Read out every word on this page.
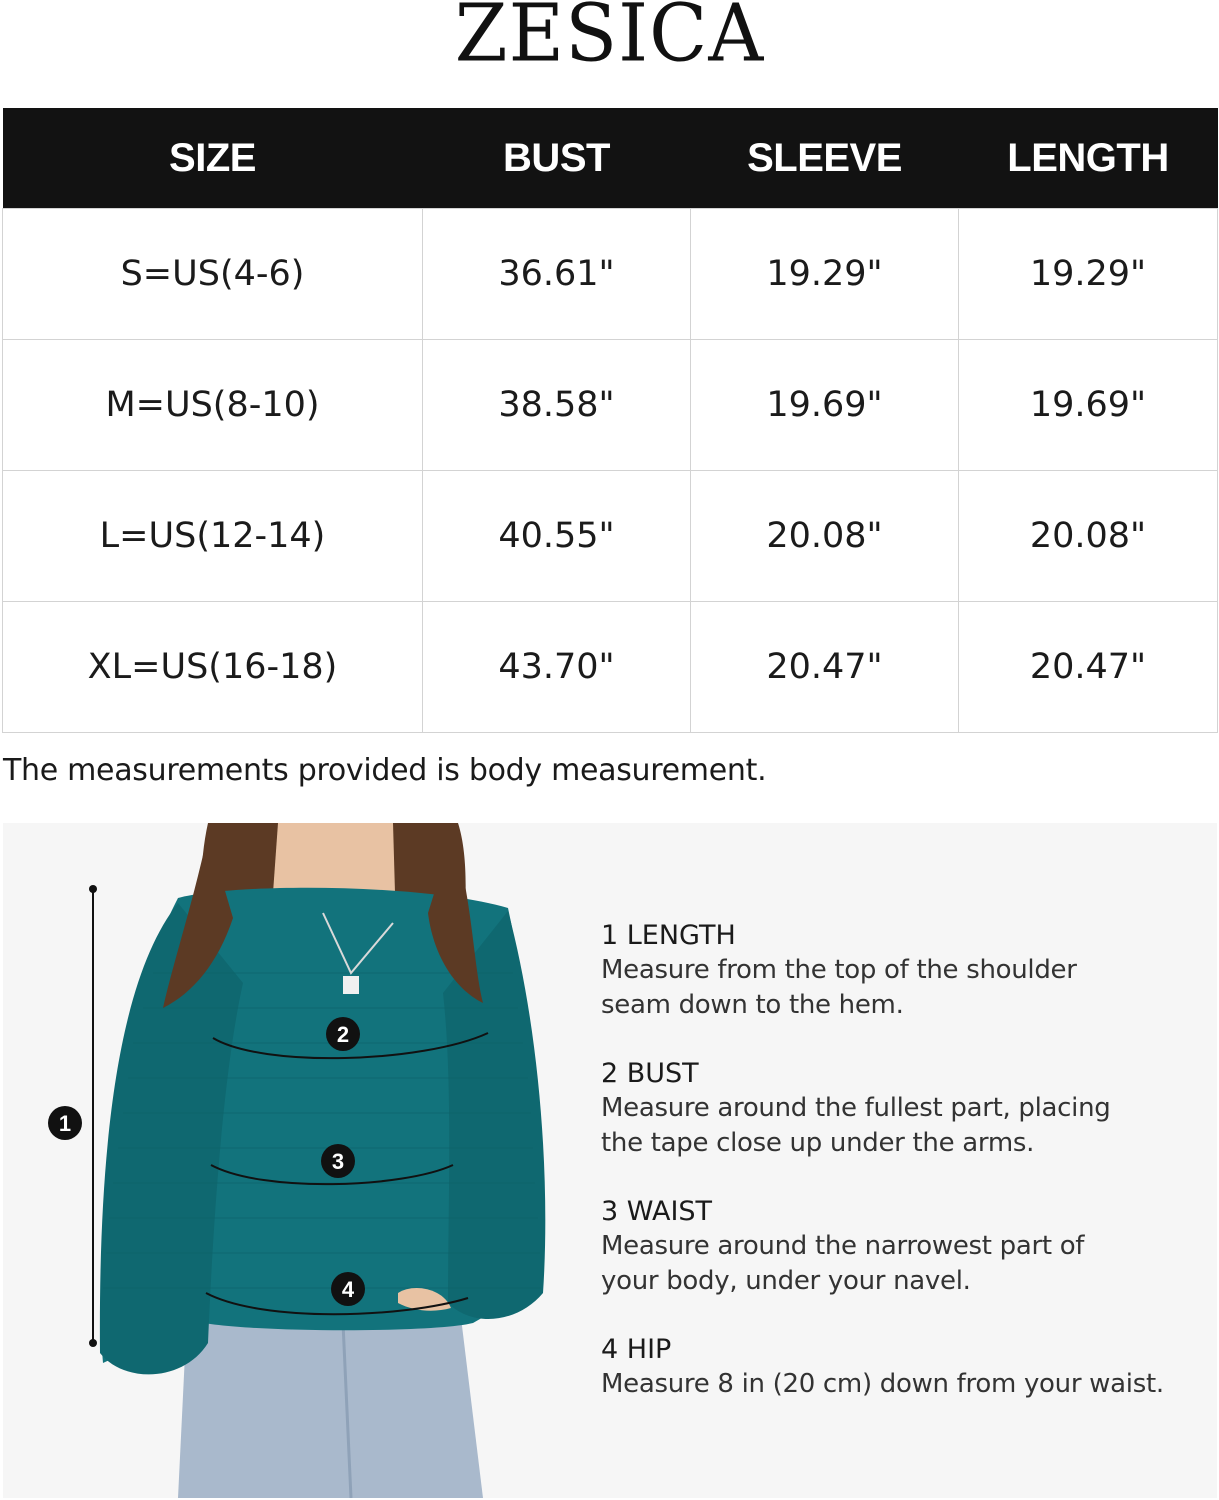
ZESICA
SIZE	BUST	SLEEVE	LENGTH
S=US(4-6)	36.61"	19.29"	19.29"
M=US(8-10)	38.58"	19.69"	19.69"
L=US(12-14)	40.55"	20.08"	20.08"
XL=US(16-18)	43.70"	20.47"	20.47"
The measurements provided is body measurement.
1
2
3
4
1 LENGTH
Measure from the top of the shoulder
seam down to the hem.
2 BUST
Measure around the fullest part, placing
the tape close up under the arms.
3 WAIST
Measure around the narrowest part of
your body, under your navel.
4 HIP
Measure 8 in (20 cm) down from your waist.
